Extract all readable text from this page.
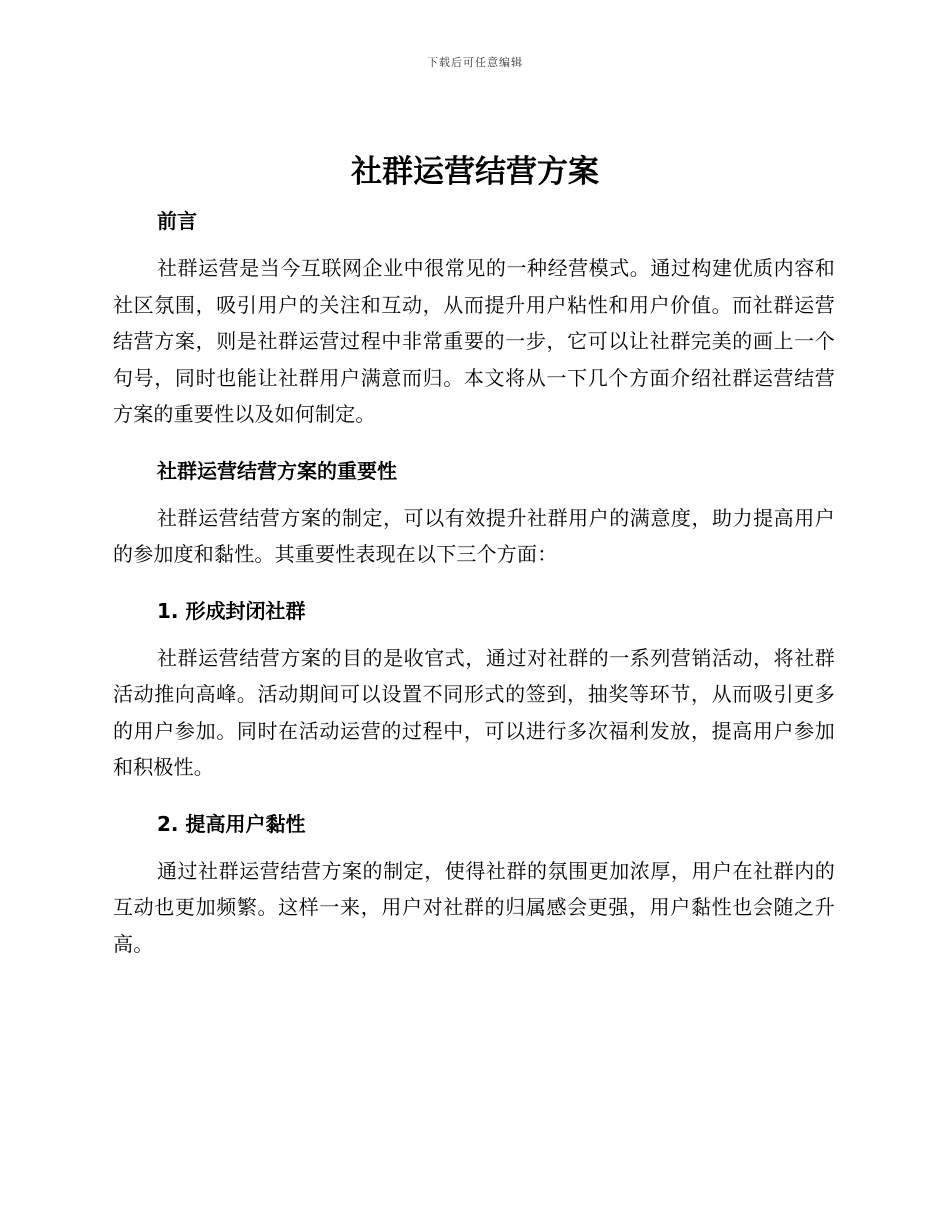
下载后可任意编辑
社群运营结营方案
前言

社群运营是当今互联网企业中很常见的一种经营模式。通过构建优质内容和社区氛围，吸引用户的关注和互动，从而提升用户粘性和用户价值。而社群运营结营方案，则是社群运营过程中非常重要的一步，它可以让社群完美的画上一个句号，同时也能让社群用户满意而归。本文将从一下几个方面介绍社群运营结营方案的重要性以及如何制定。

社群运营结营方案的重要性

社群运营结营方案的制定，可以有效提升社群用户的满意度，助力提高用户的参加度和黏性。其重要性表现在以下三个方面：

1. 形成封闭社群

社群运营结营方案的目的是收官式，通过对社群的一系列营销活动，将社群活动推向高峰。活动期间可以设置不同形式的签到，抽奖等环节，从而吸引更多的用户参加。同时在活动运营的过程中，可以进行多次福利发放，提高用户参加和积极性。

2. 提高用户黏性

通过社群运营结营方案的制定，使得社群的氛围更加浓厚，用户在社群内的互动也更加频繁。这样一来，用户对社群的归属感会更强，用户黏性也会随之升高。
